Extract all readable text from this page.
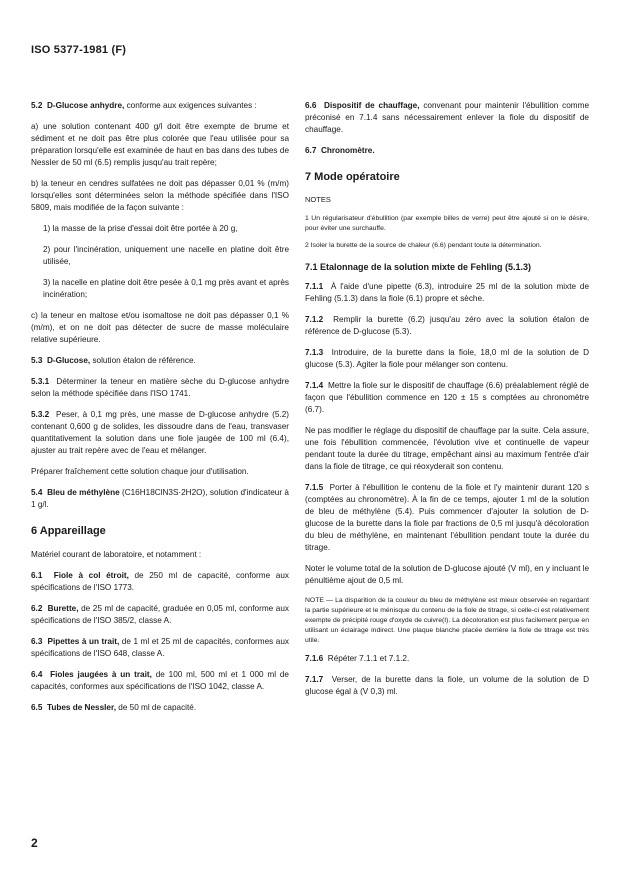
ISO 5377-1981 (F)

5.2 D-Glucose anhydre, conforme aux exigences suivantes :

a) une solution contenant 400 g/l doit être exempte de brume et sédiment et ne doit pas être plus colorée que l'eau utilisée pour sa préparation lorsqu'elle est examinée de haut en bas dans des tubes de Nessler de 50 ml (6.5) remplis jusqu'au trait repère;

b) la teneur en cendres sulfatées ne doit pas dépasser 0,01 % (m/m) lorsqu'elles sont déterminées selon la méthode spécifiée dans l'ISO 5809, mais modifiée de la façon suivante :

1) la masse de la prise d'essai doit être portée à 20 g,

2) pour l'incinération, uniquement une nacelle en platine doit être utilisée,

3) la nacelle en platine doit être pesée à 0,1 mg près avant et après incinération;

c) la teneur en maltose et/ou isomaltose ne doit pas dépasser 0,1 % (m/m), et on ne doit pas détecter de sucre de masse moléculaire relative supérieure.

5.3 D-Glucose, solution étalon de référence.

5.3.1 Déterminer la teneur en matière sèche du D-glucose anhydre selon la méthode spécifiée dans l'ISO 1741.

5.3.2 Peser, à 0,1 mg près, une masse de D-glucose anhydre (5.2) contenant 0,600 g de solides, les dissoudre dans de l'eau, transvaser quantitativement la solution dans une fiole jaugée de 100 ml (6.4), ajuster au trait repère avec de l'eau et mélanger.

Préparer fraîchement cette solution chaque jour d'utilisation.

5.4 Bleu de méthylène (C16H18ClN3S·2H2O), solution d'indicateur à 1 g/l.

6 Appareillage

Matériel courant de laboratoire, et notamment :

6.1 Fiole à col étroit, de 250 ml de capacité, conforme aux spécifications de l'ISO 1773.

6.2 Burette, de 25 ml de capacité, graduée en 0,05 ml, conforme aux spécifications de l'ISO 385/2, classe A.

6.3 Pipettes à un trait, de 1 ml et 25 ml de capacités, conformes aux spécifications de l'ISO 648, classe A.

6.4 Fioles jaugées à un trait, de 100 ml, 500 ml et 1 000 ml de capacités, conformes aux spécifications de l'ISO 1042, classe A.

6.5 Tubes de Nessler, de 50 ml de capacité.

6.6 Dispositif de chauffage, convenant pour maintenir l'ébullition comme préconisé en 7.1.4 sans nécessairement enlever la fiole du dispositif de chauffage.

6.7 Chronomètre.

7 Mode opératoire
NOTES

1 Un régularisateur d'ébullition (par exemple billes de verre) peut être ajouté si on le désire, pour éviter une surchauffe.

2 Isoler la burette de la source de chaleur (6.6) pendant toute la détermination.

7.1 Etalonnage de la solution mixte de Fehling (5.1.3)

7.1.1 À l'aide d'une pipette (6.3), introduire 25 ml de la solution mixte de Fehling (5.1.3) dans la fiole (6.1) propre et sèche.

7.1.2 Remplir la burette (6.2) jusqu'au zéro avec la solution étalon de référence de D-glucose (5.3).

7.1.3 Introduire, de la burette dans la fiole, 18,0 ml de la solution de D glucose (5.3). Agiter la fiole pour mélanger son contenu.

7.1.4 Mettre la fiole sur le dispositif de chauffage (6.6) préalablement réglé de façon que l'ébullition commence en 120 ± 15 s comptées au chronomètre (6.7).

Ne pas modifier le réglage du dispositif de chauffage par la suite. Cela assure, une fois l'ébullition commencée, l'évolution vive et continuelle de vapeur pendant toute la durée du titrage, empêchant ainsi au maximum l'entrée d'air dans la fiole de titrage, ce qui réoxyderait son contenu.

7.1.5 Porter à l'ébullition le contenu de la fiole et l'y maintenir durant 120 s (comptées au chronomètre). À la fin de ce temps, ajouter 1 ml de la solution de bleu de méthylène (5.4). Puis commencer d'ajouter la solution de D-glucose de la burette dans la fiole par fractions de 0,5 ml jusqu'à décoloration du bleu de méthylène, en maintenant l'ébullition pendant toute la durée du titrage.

Noter le volume total de la solution de D-glucose ajouté (V ml), en y incluant le pénultième ajout de 0,5 ml.

NOTE — La disparition de la couleur du bleu de méthylène est mieux observée en regardant la partie supérieure et le ménisque du contenu de la fiole de titrage, si celle-ci est relativement exempte de précipité rouge d'oxyde de cuivre(I). La décoloration est plus facilement perçue en utilisant un éclairage indirect. Une plaque blanche placée derrière la fiole de titrage est très utile.

7.1.6 Répéter 7.1.1 et 7.1.2.

7.1.7 Verser, de la burette dans la fiole, un volume de la solution de D glucose égal à (V 0,3) ml.

2
